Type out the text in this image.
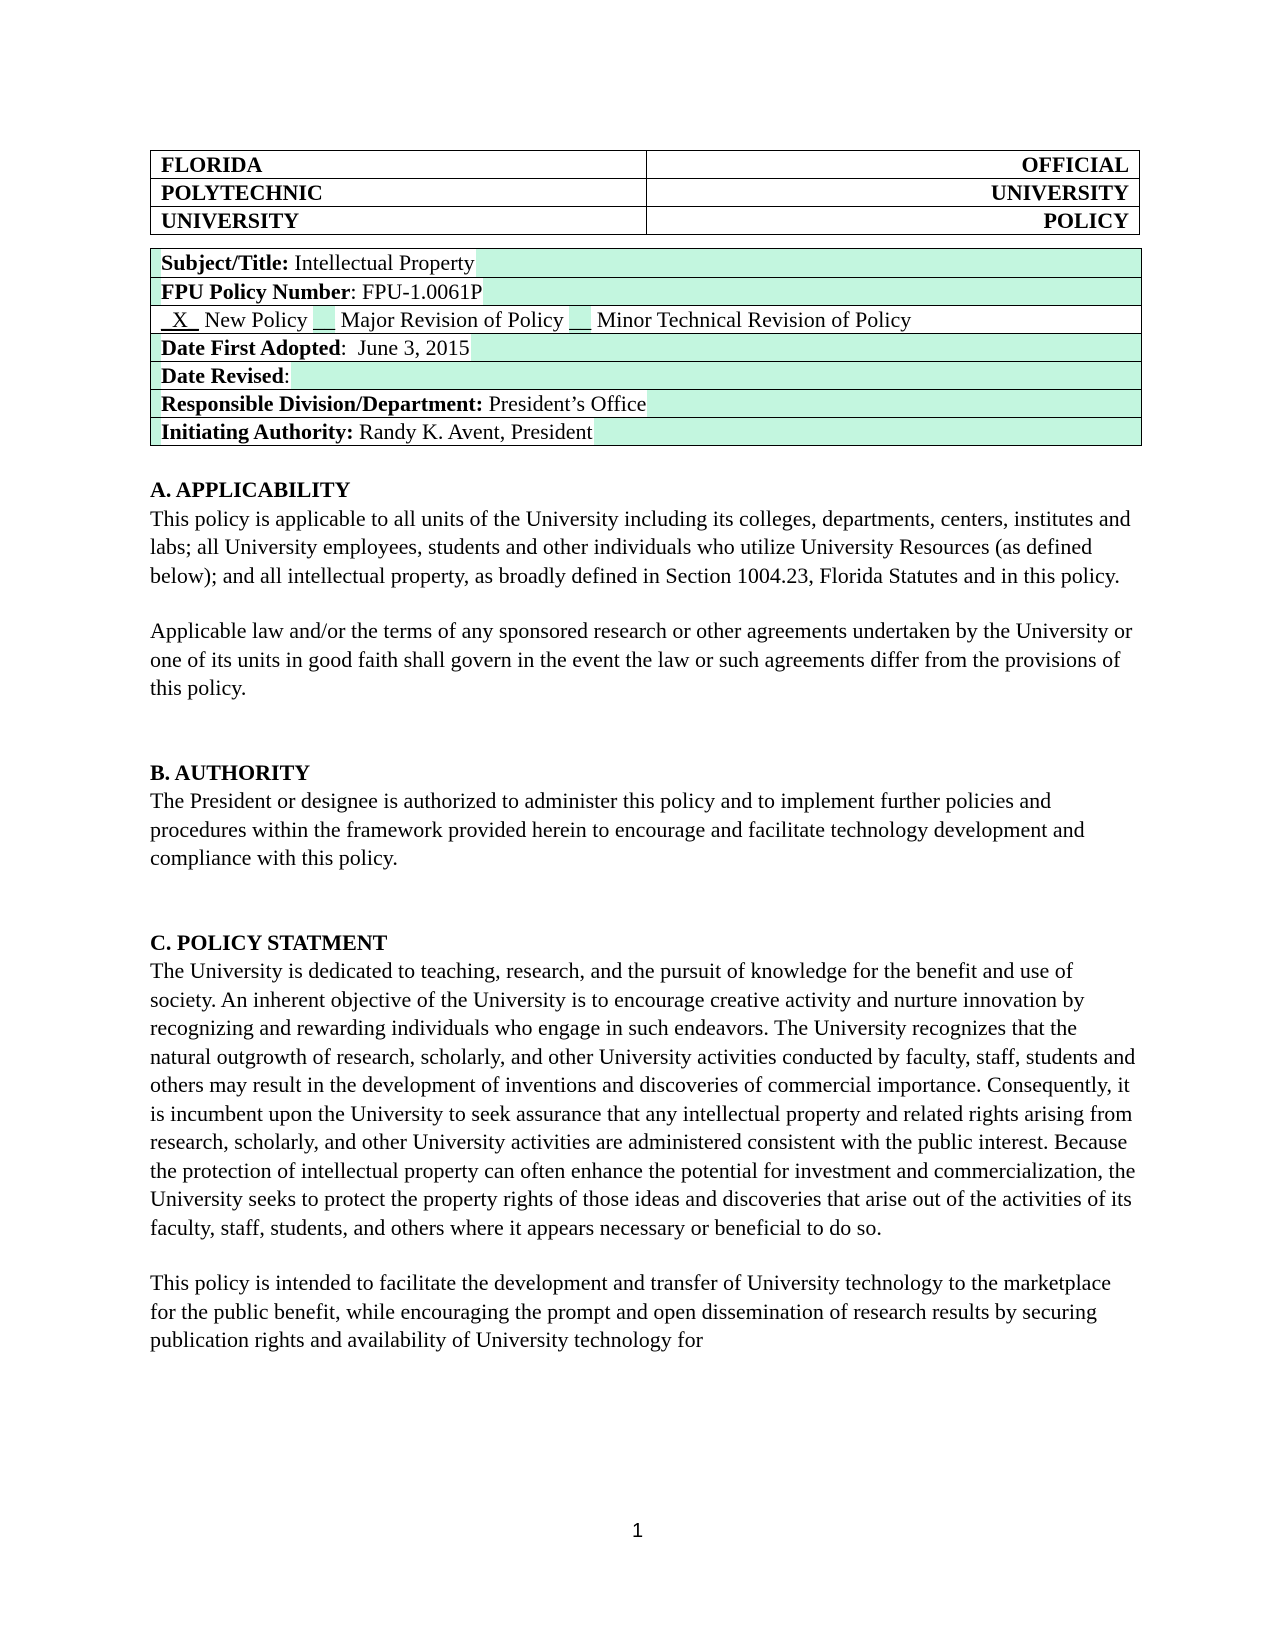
FLORIDA	OFFICIAL
POLYTECHNIC	UNIVERSITY
UNIVERSITY	POLICY
Subject/Title: Intellectual Property
FPU Policy Number: FPU-1.0061P
_X_ New Policy __ Major Revision of Policy __ Minor Technical Revision of Policy
Date First Adopted:  June 3, 2015
Date Revised:
Responsible Division/Department: President’s Office
Initiating Authority: Randy K. Avent, President
A. APPLICABILITY

This policy is applicable to all units of the University including its colleges, departments, centers, institutes and labs; all University employees, students and other individuals who utilize University Resources (as defined below); and all intellectual property, as broadly defined in Section 1004.23, Florida Statutes and in this policy.

Applicable law and/or the terms of any sponsored research or other agreements undertaken by the University or one of its units in good faith shall govern in the event the law or such agreements differ from the provisions of this policy.

B. AUTHORITY

The President or designee is authorized to administer this policy and to implement further policies and procedures within the framework provided herein to encourage and facilitate technology development and compliance with this policy.

C. POLICY STATMENT

The University is dedicated to teaching, research, and the pursuit of knowledge for the benefit and use of society. An inherent objective of the University is to encourage creative activity and nurture innovation by recognizing and rewarding individuals who engage in such endeavors. The University recognizes that the natural outgrowth of research, scholarly, and other University activities conducted by faculty, staff, students and others may result in the development of inventions and discoveries of commercial importance. Consequently, it is incumbent upon the University to seek assurance that any intellectual property and related rights arising from research, scholarly, and other University activities are administered consistent with the public interest. Because the protection of intellectual property can often enhance the potential for investment and commercialization, the University seeks to protect the property rights of those ideas and discoveries that arise out of the activities of its faculty, staff, students, and others where it appears necessary or beneficial to do so.

This policy is intended to facilitate the development and transfer of University technology to the marketplace for the public benefit, while encouraging the prompt and open dissemination of research results by securing publication rights and availability of University technology for

1
